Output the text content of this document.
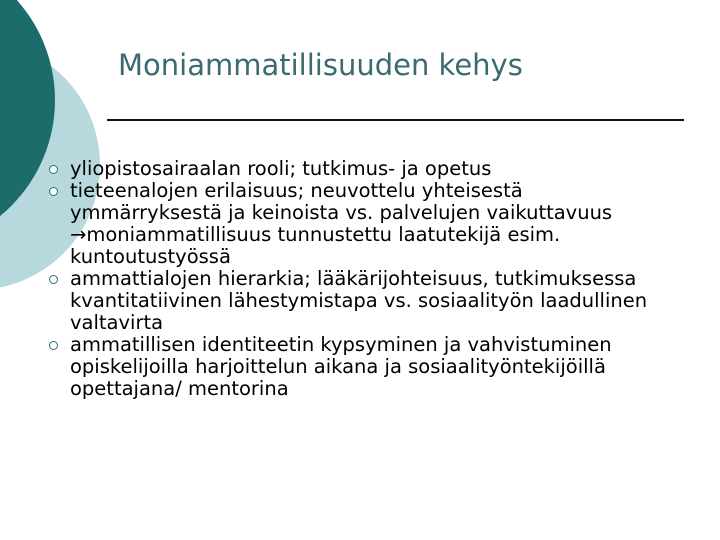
Moniammatillisuuden kehys
yliopistosairaalan rooli; tutkimus- ja opetus
tieteenalojen erilaisuus; neuvottelu yhteisestä ymmärryksestä ja keinoista vs. palvelujen vaikuttavuus →moniammatillisuus tunnustettu laatutekijä esim. kuntoutustyössä
ammattialojen hierarkia; lääkärijohteisuus, tutkimuksessa kvantitatiivinen lähestymistapa vs. sosiaalityön laadullinen valtavirta
ammatillisen identiteetin kypsyminen ja vahvistuminen opiskelijoilla harjoittelun aikana ja sosiaalityöntekijöillä opettajana/ mentorina
